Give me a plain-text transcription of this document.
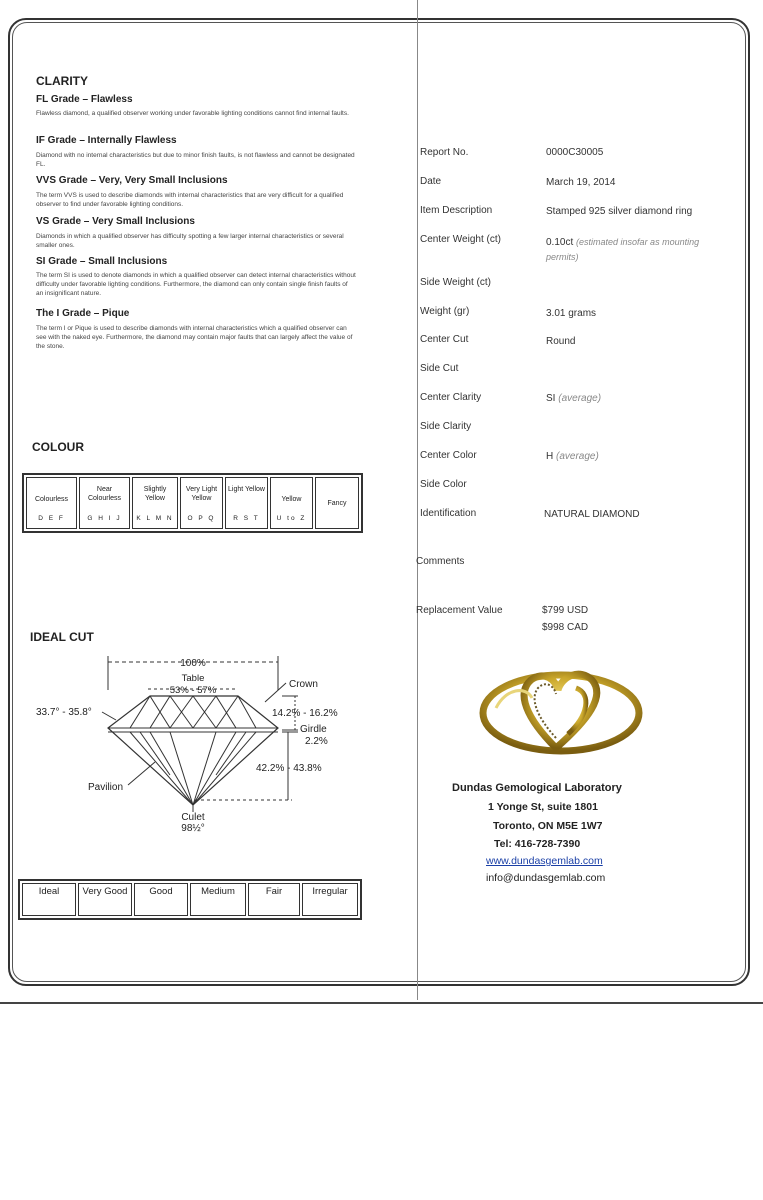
CLARITY
FL Grade – Flawless
Flawless diamond, a qualified observer working under favorable lighting conditions cannot find internal faults.
IF Grade – Internally Flawless
Diamond with no internal characteristics but due to minor finish faults, is not flawless and cannot be designated FL.
VVS Grade – Very, Very Small Inclusions
The term VVS is used to describe diamonds with internal characteristics that are very difficult for a qualified observer to find under favorable lighting conditions.
VS Grade – Very Small Inclusions
Diamonds in which a qualified observer has difficulty spotting a few larger internal characteristics or several smaller ones.
SI Grade – Small Inclusions
The term SI is used to denote diamonds in which a qualified observer can detect internal characteristics without difficulty under favorable lighting conditions. Furthermore, the diamond can only contain single finish faults of an insignificant nature.
The I Grade – Pique
The term I or Pique is used to describe diamonds with internal characteristics which a qualified observer can see with the naked eye. Furthermore, the diamond may contain major faults that can largely affect the value of the stone.
COLOUR
Colourless
D E F

Near Colourless
G H I J

Slightly Yellow
K L M N

Very Light Yellow
O P Q

Light Yellow
R S T

Yellow
U to Z
	Fancy
IDEAL CUT
100%
Table
53% - 57%
Crown
33.7° - 35.8°	14.2% - 16.2%
Girdle
2.2%
42.2% - 43.8%
Pavilion
Culet
98½°
Ideal	Very Good	Good	Medium	Fair	Irregular
Report No.	0000C30005
Date	March 19, 2014
Item Description	Stamped 925 silver diamond ring
Center Weight (ct)	0.10ct (estimated insofar as mounting permits)
Side Weight (ct)
Weight (gr)	3.01 grams
Center Cut	Round
Side Cut
Center Clarity	SI (average)
Side Clarity
Center Color	H (average)
Side Color
Identification	NATURAL DIAMOND
Comments
Replacement Value	$799 USD
$998 CAD
Dundas Gemological Laboratory
1 Yonge St, suite 1801
Toronto, ON M5E 1W7
Tel: 416-728-7390
www.dundasgemlab.com
info@dundasgemlab.com
